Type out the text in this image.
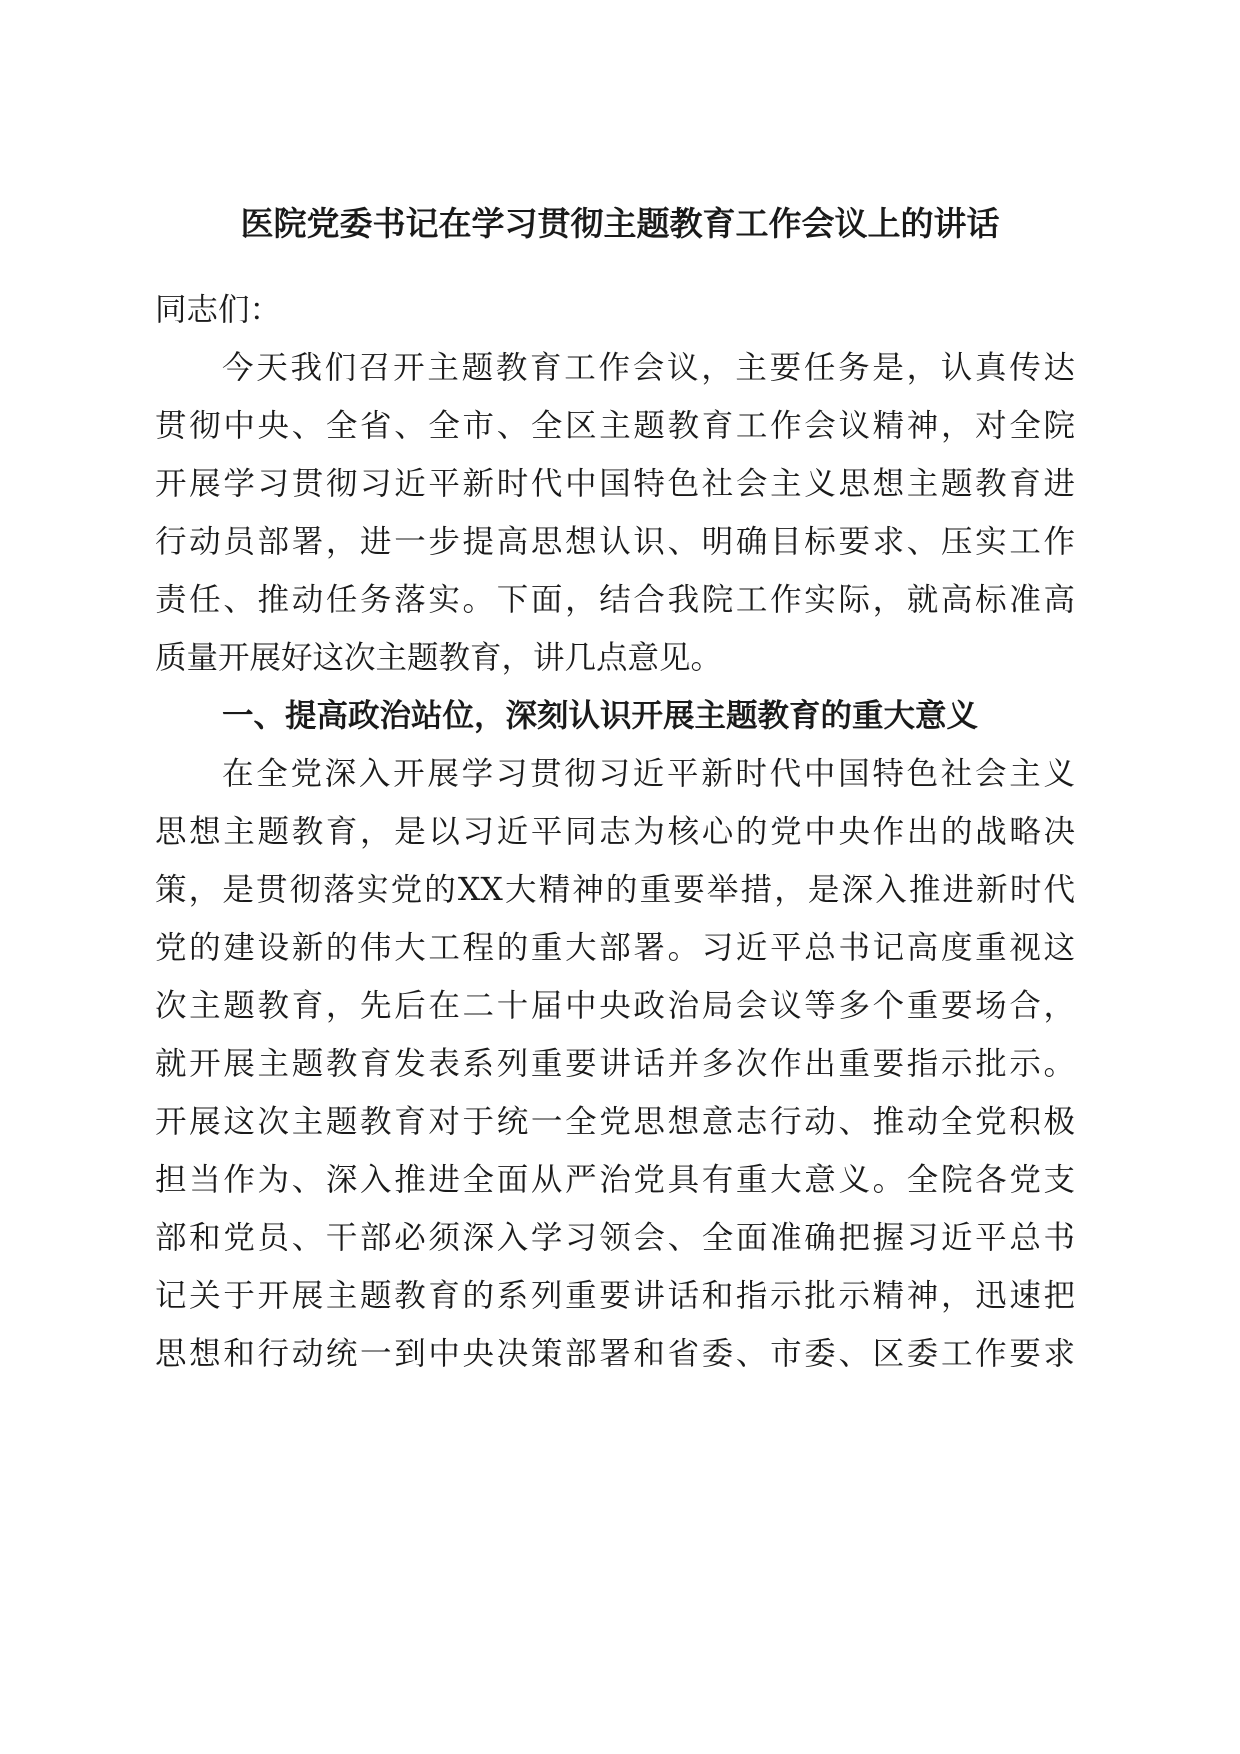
医院党委书记在学习贯彻主题教育工作会议上的讲话
同志们：
今天我们召开主题教育工作会议，主要任务是，认真传达
贯彻中央、全省、全市、全区主题教育工作会议精神，对全院
开展学习贯彻习近平新时代中国特色社会主义思想主题教育进
行动员部署，进一步提高思想认识、明确目标要求、压实工作
责任、推动任务落实。下面，结合我院工作实际，就高标准高
质量开展好这次主题教育，讲几点意见。
一、提高政治站位，深刻认识开展主题教育的重大意义
在全党深入开展学习贯彻习近平新时代中国特色社会主义
思想主题教育，是以习近平同志为核心的党中央作出的战略决
策，是贯彻落实党的XX大精神的重要举措，是深入推进新时代
党的建设新的伟大工程的重大部署。习近平总书记高度重视这
次主题教育，先后在二十届中央政治局会议等多个重要场合，
就开展主题教育发表系列重要讲话并多次作出重要指示批示。
开展这次主题教育对于统一全党思想意志行动、推动全党积极
担当作为、深入推进全面从严治党具有重大意义。全院各党支
部和党员、干部必须深入学习领会、全面准确把握习近平总书
记关于开展主题教育的系列重要讲话和指示批示精神，迅速把
思想和行动统一到中央决策部署和省委、市委、区委工作要求
